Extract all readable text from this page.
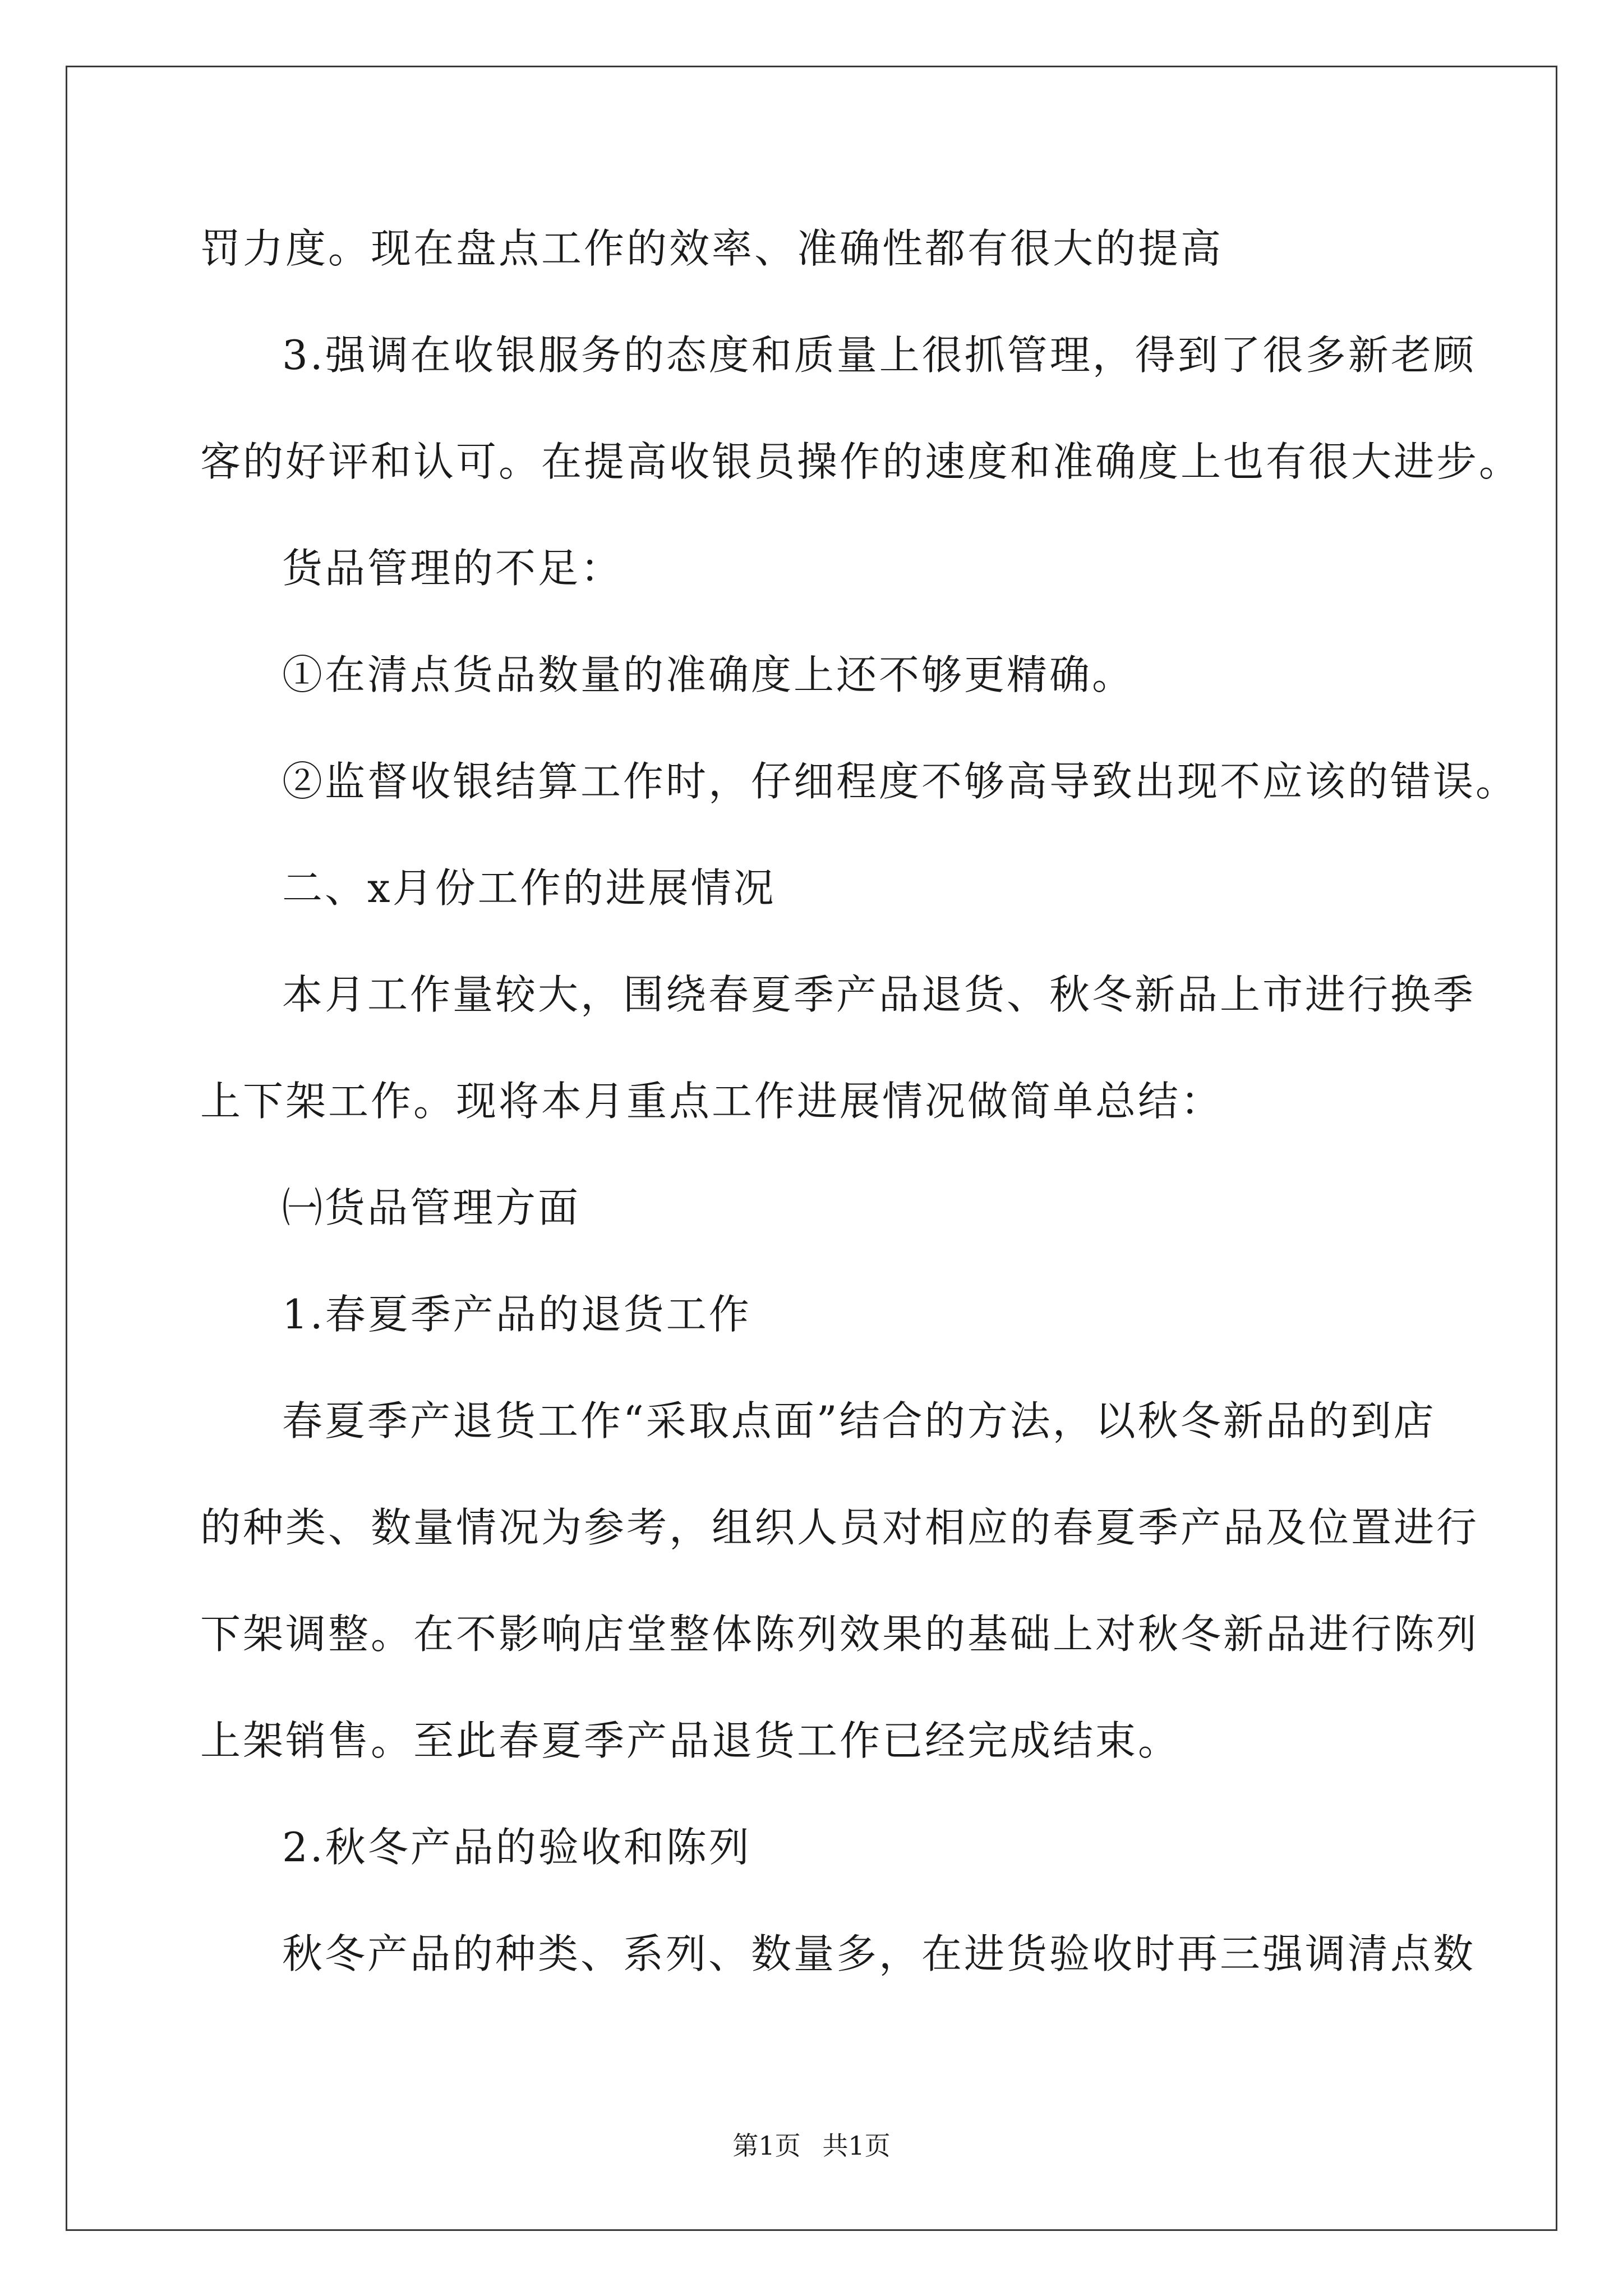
罚力度。现在盘点工作的效率、准确性都有很大的提高
3.强调在收银服务的态度和质量上很抓管理，得到了很多新老顾
客的好评和认可。在提高收银员操作的速度和准确度上也有很大进步。
货品管理的不足：
①在清点货品数量的准确度上还不够更精确。
②监督收银结算工作时，仔细程度不够高导致出现不应该的错误。
二、x月份工作的进展情况
本月工作量较大，围绕春夏季产品退货、秋冬新品上市进行换季
上下架工作。现将本月重点工作进展情况做简单总结：
㈠货品管理方面
1.春夏季产品的退货工作
春夏季产退货工作“采取点面”结合的方法，以秋冬新品的到店
的种类、数量情况为参考，组织人员对相应的春夏季产品及位置进行
下架调整。在不影响店堂整体陈列效果的基础上对秋冬新品进行陈列
上架销售。至此春夏季产品退货工作已经完成结束。
2.秋冬产品的验收和陈列
秋冬产品的种类、系列、数量多，在进货验收时再三强调清点数
第1页 共1页
